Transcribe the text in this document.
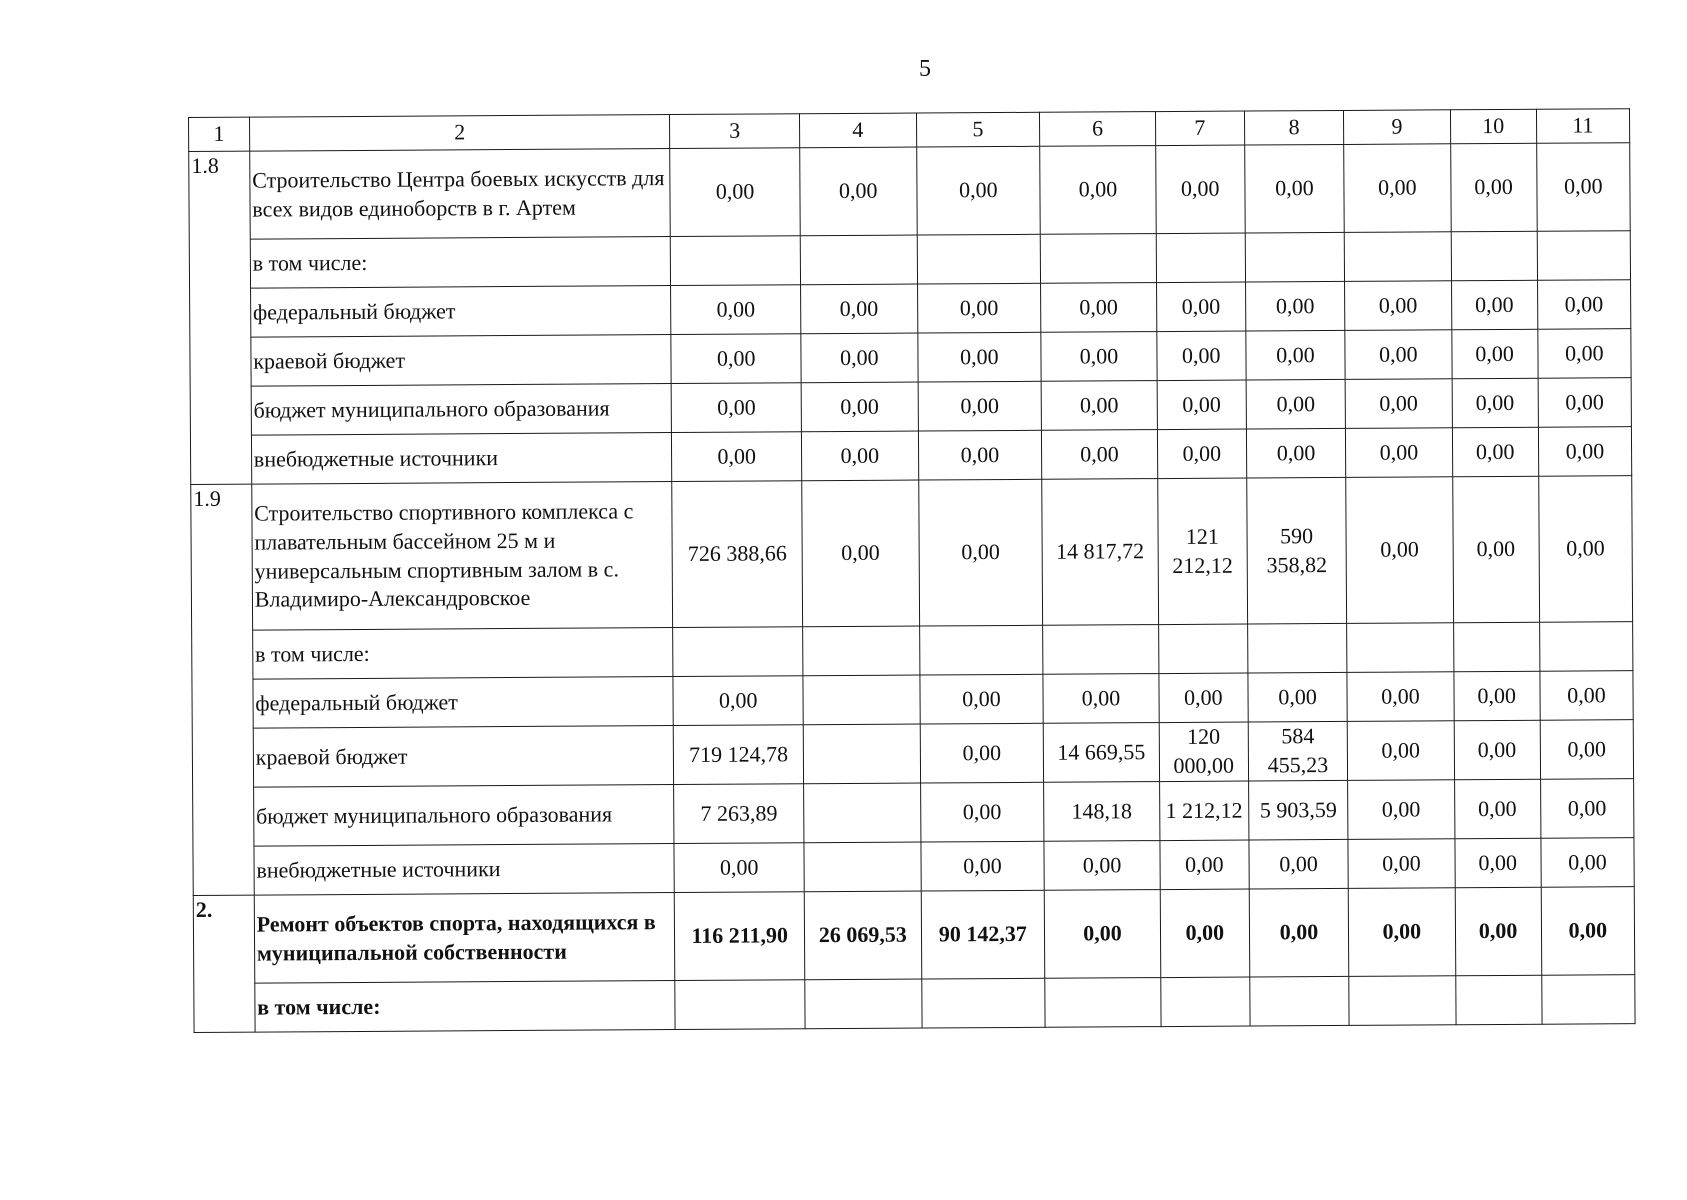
5
1	2	3	4	5	6	7	8	9	10	11
1.8	Строительство Центра боевых искусств для всех видов единоборств в г. Артем	0,00	0,00	0,00	0,00	0,00	0,00	0,00	0,00	0,00
	в том числе:									
	федеральный бюджет	0,00	0,00	0,00	0,00	0,00	0,00	0,00	0,00	0,00
	краевой бюджет	0,00	0,00	0,00	0,00	0,00	0,00	0,00	0,00	0,00
	бюджет муниципального образования	0,00	0,00	0,00	0,00	0,00	0,00	0,00	0,00	0,00
	внебюджетные источники	0,00	0,00	0,00	0,00	0,00	0,00	0,00	0,00	0,00
1.9	Строительство спортивного комплекса с плавательным бассейном 25 м и универсальным спортивным залом в с. Владимиро-Александровское	726 388,66	0,00	0,00	14 817,72	121 212,12	590 358,82	0,00	0,00	0,00
	в том числе:									
	федеральный бюджет	0,00		0,00	0,00	0,00	0,00	0,00	0,00	0,00
	краевой бюджет	719 124,78		0,00	14 669,55	120 000,00	584 455,23	0,00	0,00	0,00
	бюджет муниципального образования	7 263,89		0,00	148,18	1 212,12	5 903,59	0,00	0,00	0,00
	внебюджетные источники	0,00		0,00	0,00	0,00	0,00	0,00	0,00	0,00
2.	Ремонт объектов спорта, находящихся в муниципальной собственности	116 211,90	26 069,53	90 142,37	0,00	0,00	0,00	0,00	0,00	0,00
	в том числе:									
